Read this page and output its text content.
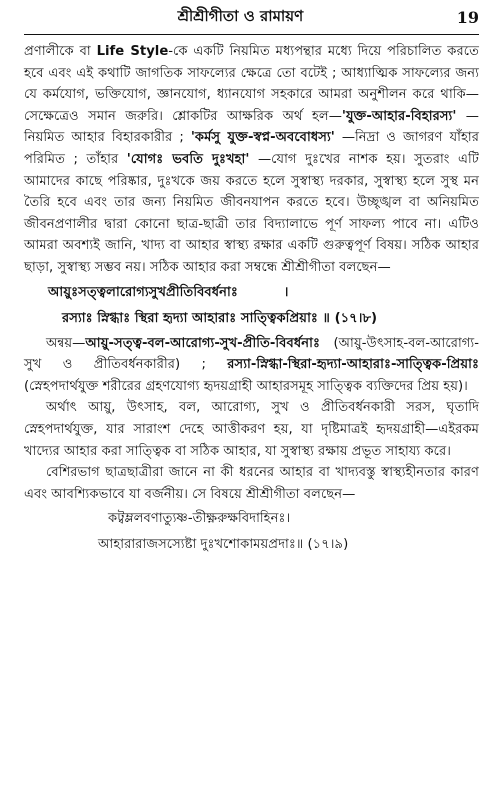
শ্রীশ্রীগীতা ও রামায়ণ	19

প্রণালীকে বা Life Style-কে একটি নিয়মিত মধ্যপন্থার মধ্যে দিয়ে পরিচালিত করতে হবে এবং এই কথাটি জাগতিক সাফল্যের ক্ষেত্রে তো বটেই ; আধ্যাত্মিক সাফল্যের জন্য যে কর্মযোগ, ভক্তিযোগ, জ্ঞানযোগ, ধ্যানযোগ সহকারে আমরা অনুশীলন করে থাকি—সেক্ষেত্রেও সমান জরুরি। শ্লোকটির আক্ষরিক অর্থ হল—'যুক্ত-আহার-বিহারস্য' —নিয়মিত আহার বিহারকারীর ; 'কর্মসু যুক্ত-স্বপ্ন-অববোধস্য' —নিদ্রা ও জাগরণ যাঁহার পরিমিত ; তাঁহার 'যোগঃ ভবতি দুঃখহা' —যোগ দুঃখের নাশক হয়। সুতরাং এটি আমাদের কাছে পরিষ্কার, দুঃখকে জয় করতে হলে সুস্বাস্থ্য দরকার, সুস্বাস্থ্য হলে সুস্থ মন তৈরি হবে এবং তার জন্য নিয়মিত জীবনযাপন করতে হবে। উচ্ছৃঙ্খল বা অনিয়মিত জীবনপ্রণালীর দ্বারা কোনো ছাত্র-ছাত্রী তার বিদ্যালাভে পূর্ণ সাফল্য পাবে না। এটিও আমরা অবশ্যই জানি, খাদ্য বা আহার স্বাস্থ্য রক্ষার একটি গুরুত্বপূর্ণ বিষয়। সঠিক আহার ছাড়া, সুস্বাস্থ্য সম্ভব নয়। সঠিক আহার করা সম্বন্ধে শ্রীশ্রীগীতা বলছেন—

আয়ুঃসত্ত্বলারোগ্যসুখপ্রীতিবিবর্ধনাঃ          ।
রস্যাঃ স্নিগ্ধাঃ স্থিরা হৃদ্যা আহারাঃ সাত্ত্বিকপ্রিয়াঃ ॥ (১৭।৮)

অন্বয়—আয়ু-সত্ত্ব-বল-আরোগ্য-সুখ-প্রীতি-বিবর্ধনাঃ (আয়ু-উৎসাহ-বল-আরোগ্য-সুখ ও প্রীতিবর্ধনকারীর) ; রস্যা-স্নিগ্ধা-স্থিরা-হৃদ্যা-আহারাঃ-সাত্ত্বিক-প্রিয়াঃ (স্নেহপদার্থযুক্ত শরীরের গ্রহণযোগ্য হৃদয়গ্রাহী আহারসমূহ সাত্ত্বিক ব্যক্তিদের প্রিয় হয়)।

অর্থাৎ আয়ু, উৎসাহ, বল, আরোগ্য, সুখ ও প্রীতিবর্ধনকারী সরস, ঘৃতাদি স্নেহপদার্থযুক্ত, যার সারাংশ দেহে আত্তীকরণ হয়, যা দৃষ্টিমাত্রই হৃদয়গ্রাহী—এইরকম খাদ্যের আহার করা সাত্ত্বিক বা সঠিক আহার, যা সুস্বাস্থ্য রক্ষায় প্রভূত সাহায্য করে।

বেশিরভাগ ছাত্রছাত্রীরা জানে না কী ধরনের আহার বা খাদ্যবস্তু স্বাস্থ্যহীনতার কারণ এবং আবশ্যিকভাবে যা বর্জনীয়। সে বিষয়ে শ্রীশ্রীগীতা বলছেন—

কট্বম্ললবণাত্যুষ্ণ-তীক্ষ্ণরুক্ষবিদাহিনঃ।
আহারারাজসস্যেষ্টা দুঃখশোকাময়প্রদাঃ॥ (১৭।৯)
